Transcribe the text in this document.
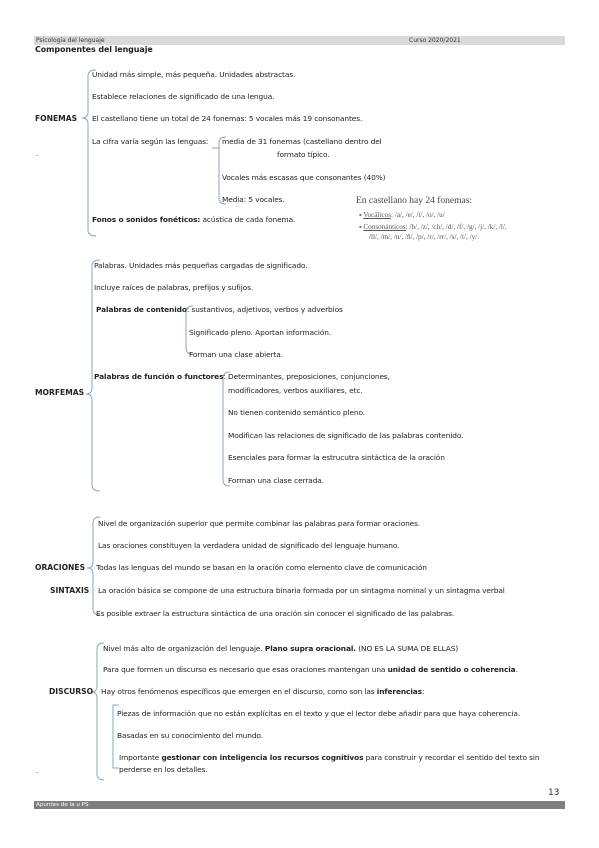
Psicología del lenguaje	Curso 2020/2021
Componentes del lenguaje
FONEMAS
.
Unidad más simple, más pequeña. Unidades abstractas.
Establece relaciones de significado de una lengua.
El castellano tiene un total de 24 fonemas: 5 vocales más 19 consonantes.
La cifra varía según las lenguas: media de 31 fonemas (castellano dentro del
formato típico.
Vocales más escasas que consonantes (40%)
Media: 5 vocales.
Fonos o sonidos fonéticos: acústica de cada fonema.
En castellano hay 24 fonemas:
▪ Vocálicos: /a/, /e/, /i/, /o/, /u/
▪ Consonánticos: /b/, /z/, /ch/, /d/, /f/, /g/, /j/, /k/, /l/,
/ll/, /m/, /n/, /ñ/, /p/, /r/, /rr/, /s/, /t/, /y/.
MORFEMAS
Palabras. Unidades más pequeñas cargadas de significado.
Incluye raíces de palabras, prefijos y sufijos.
Palabras de contenido: sustantivos, adjetivos, verbos y adverbios
Significado pleno. Aportan información.
Forman una clase abierta.
Palabras de función o functores: Determinantes, preposiciones, conjunciones,
modificadores, verbos auxiliares, etc.
No tienen contenido semántico pleno.
Modifican las relaciones de significado de las palabras contenido.
Esenciales para formar la estrucutra sintáctica de la oración
Forman una clase cerrada.
ORACIONES
SINTAXIS
Nivel de organización superior que permite combinar las palabras para formar oraciones.
Las oraciones constituyen la verdadera unidad de significado del lenguaje humano.
Todas las lenguas del mundo se basan en la oración como elemento clave de comunicación
La oración básica se compone de una estructura binaria formada por un sintagma nominal y un sintagma verbal
Es posible extraer la estructura sintáctica de una oración sin conocer el significado de las palabras.
DISCURSO
Nivel más alto de organización del lenguaje. Plano supra oracional. (NO ES LA SUMA DE ELLAS)
Para que formen un discurso es necesario que esas oraciones mantengan una unidad de sentido o coherencia.
Hay otros fenómenos específicos que emergen en el discurso, como son las inferencias:
Piezas de información que no están explícitas en el texto y que el lector debe añadir para que haya coherencia.
Basadas en su conocimiento del mundo.
Importante gestionar con inteligencia los recursos cognitivos para construir y recordar el sentido del texto sin
perderse en los detalles.
.
13
Apuntes de la u PS
